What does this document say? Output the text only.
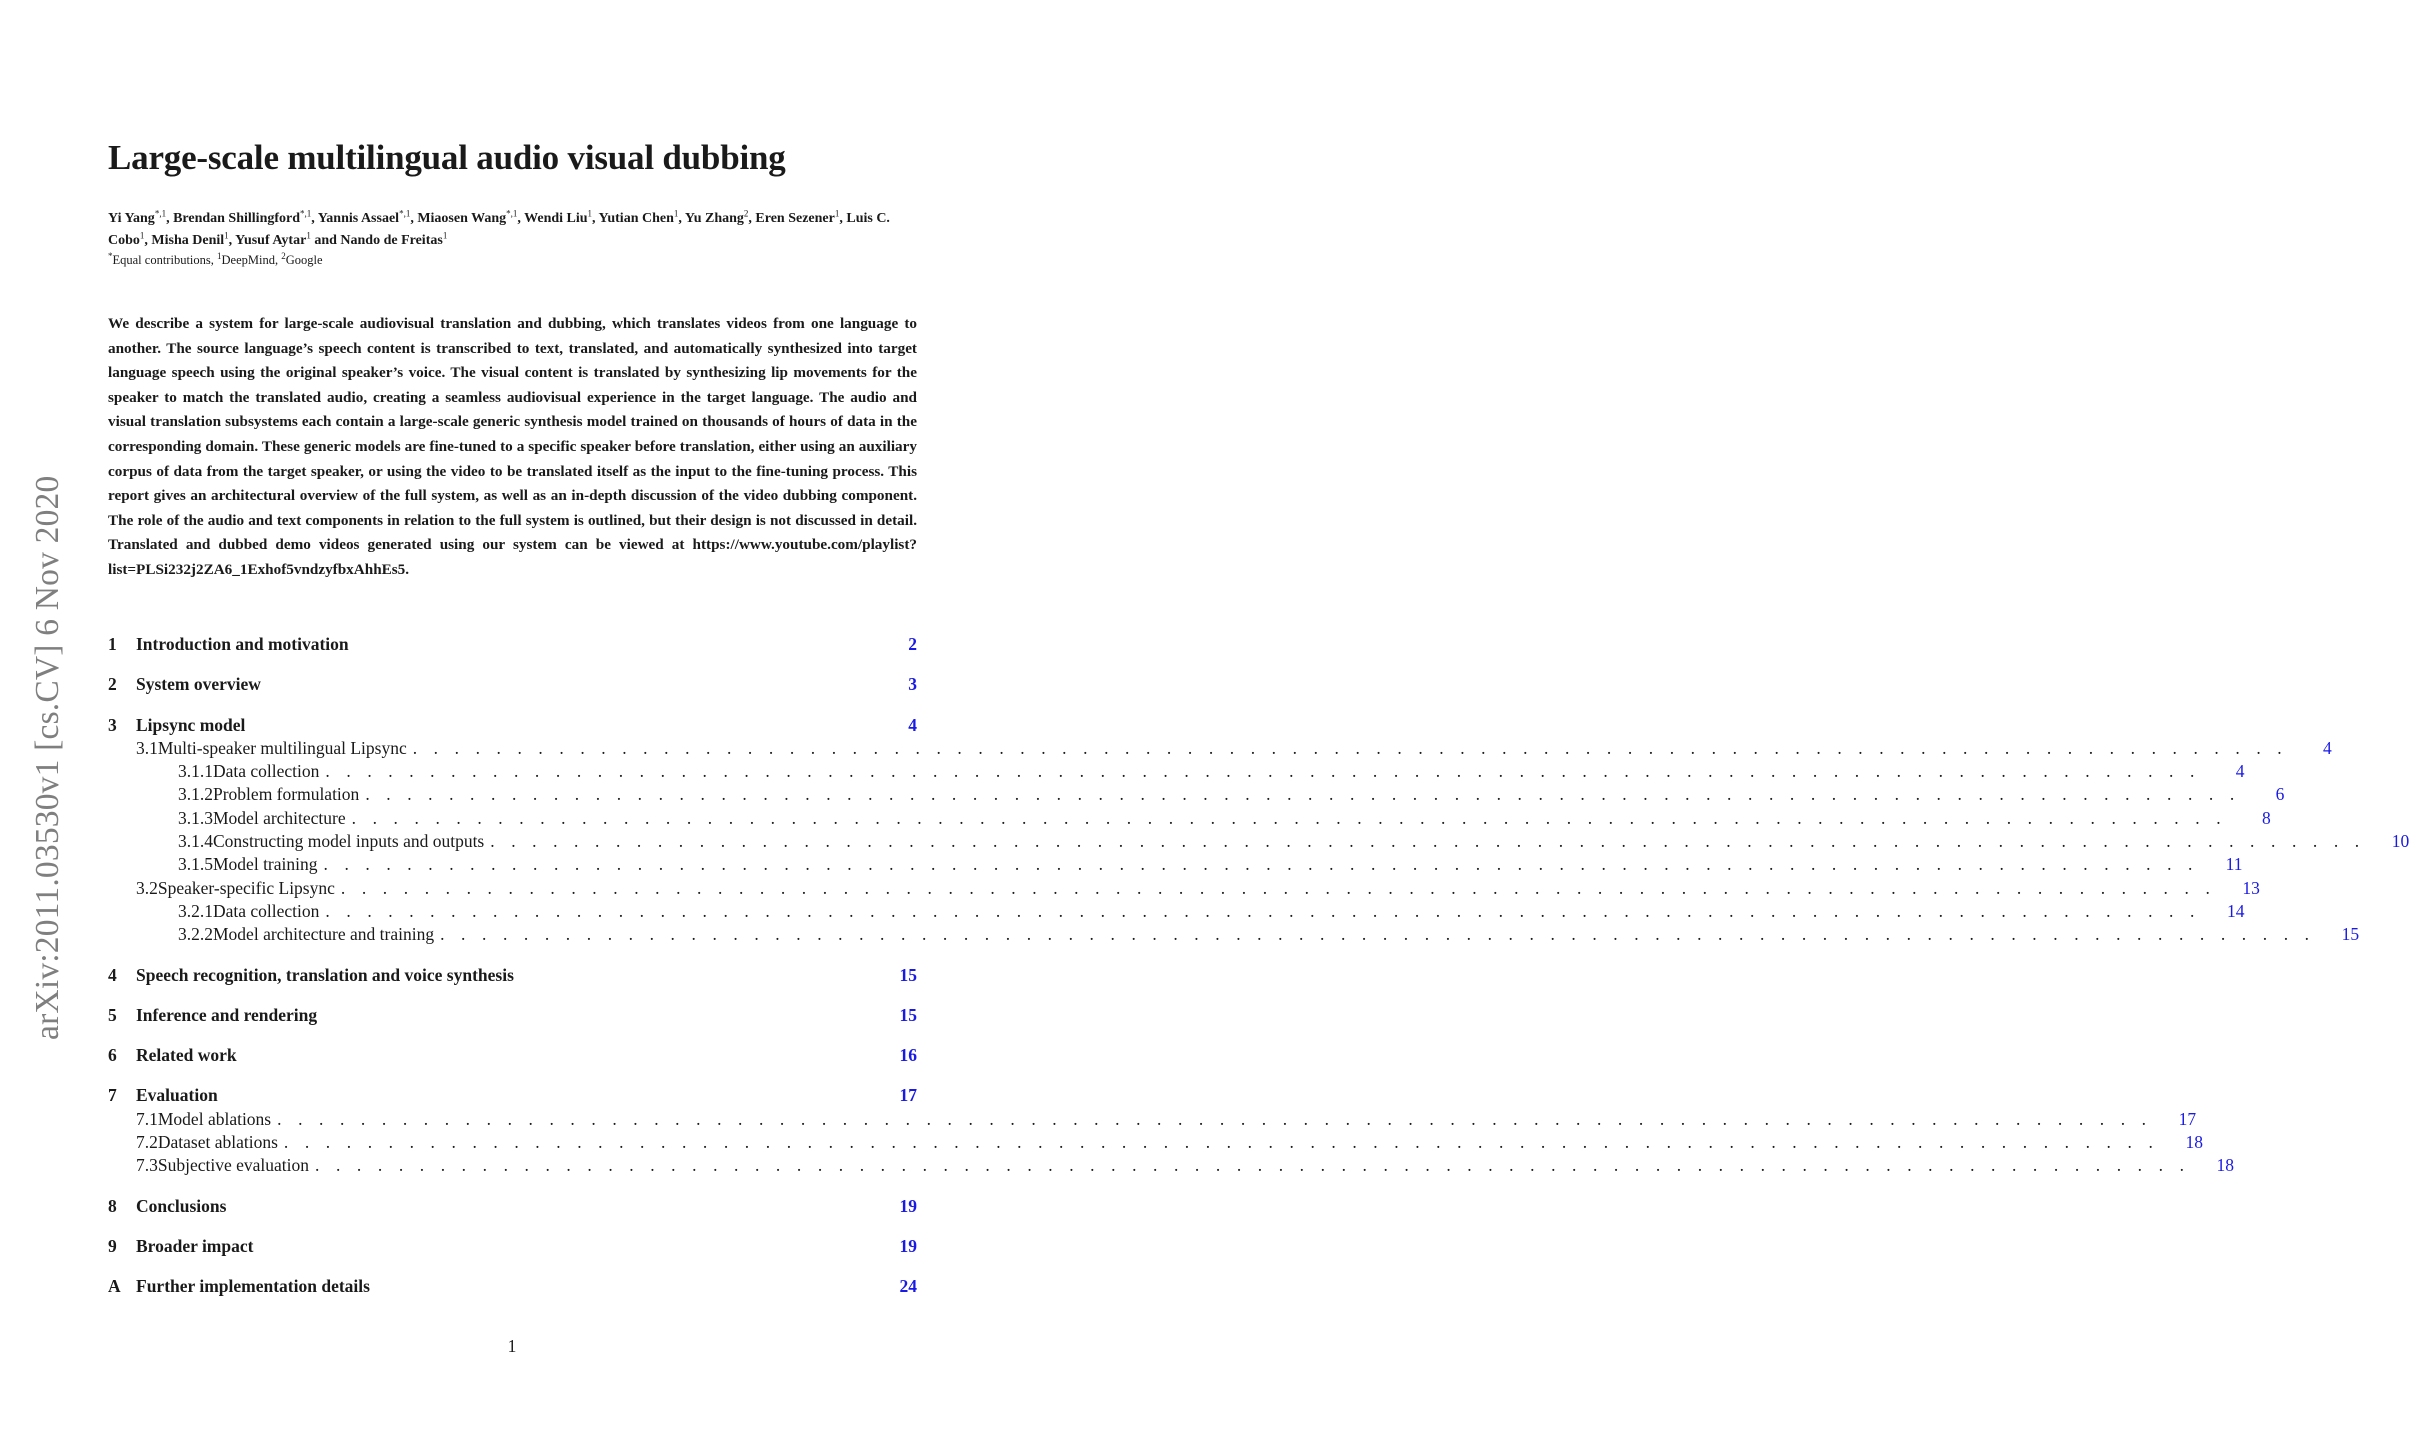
arXiv:2011.03530v1 [cs.CV] 6 Nov 2020
Large-scale multilingual audio visual dubbing
Yi Yang$^{*,1}$, Brendan Shillingford$^{*,1}$, Yannis Assael$^{*,1}$, Miaosen Wang$^{*,1}$, Wendi Liu$^1$, Yutian Chen$^1$, Yu Zhang$^2$, Eren Sezener$^1$, Luis C. Cobo$^1$, Misha Denil$^1$, Yusuf Aytar$^1$ and Nando de Freitas$^1$
*Equal contributions, $^1$DeepMind, $^2$Google

We describe a system for large-scale audiovisual translation and dubbing, which translates videos from one language to another. The source language’s speech content is transcribed to text, translated, and automatically synthesized into target language speech using the original speaker’s voice. The visual content is translated by synthesizing lip movements for the speaker to match the translated audio, creating a seamless audiovisual experience in the target language. The audio and visual translation subsystems each contain a large-scale generic synthesis model trained on thousands of hours of data in the corresponding domain. These generic models are fine-tuned to a specific speaker before translation, either using an auxiliary corpus of data from the target speaker, or using the video to be translated itself as the input to the fine-tuning process. This report gives an architectural overview of the full system, as well as an in-depth discussion of the video dubbing component. The role of the audio and text components in relation to the full system is outlined, but their design is not discussed in detail. Translated and dubbed demo videos generated using our system can be viewed at https://www.youtube.com/playlist?list=PLSi232j2ZA6_1Exhof5vndzyfbxAhhEs5.

1	Introduction and motivation	2
2	System overview	3
3	Lipsync model	4
3.1 Multi-speaker multilingual Lipsync . . . . . . . . . . . . . . . . . . . . . . . . . . . . . . . . . . . . . . . . . . . . . . . . . . . . . . . . . . . . . . . . . . . . . . . . . . . . . . . . . . . . . . . . . .	4
3.1.1 Data collection . . . . . . . . . . . . . . . . . . . . . . . . . . . . . . . . . . . . . . . . . . . . . . . . . . . . . . . . . . . . . . . . . . . . . . . . . . . . . . . . . . . . . . . . . .	4
3.1.2 Problem formulation . . . . . . . . . . . . . . . . . . . . . . . . . . . . . . . . . . . . . . . . . . . . . . . . . . . . . . . . . . . . . . . . . . . . . . . . . . . . . . . . . . . . . . . . . .	6
3.1.3 Model architecture . . . . . . . . . . . . . . . . . . . . . . . . . . . . . . . . . . . . . . . . . . . . . . . . . . . . . . . . . . . . . . . . . . . . . . . . . . . . . . . . . . . . . . . . . .	8
3.1.4 Constructing model inputs and outputs . . . . . . . . . . . . . . . . . . . . . . . . . . . . . . . . . . . . . . . . . . . . . . . . . . . . . . . . . . . . . . . . . . . . . . . . . . . . . . . . . . . . . . . . . .	10
3.1.5 Model training . . . . . . . . . . . . . . . . . . . . . . . . . . . . . . . . . . . . . . . . . . . . . . . . . . . . . . . . . . . . . . . . . . . . . . . . . . . . . . . . . . . . . . . . . .	11
3.2 Speaker-specific Lipsync . . . . . . . . . . . . . . . . . . . . . . . . . . . . . . . . . . . . . . . . . . . . . . . . . . . . . . . . . . . . . . . . . . . . . . . . . . . . . . . . . . . . . . . . . .	13
3.2.1 Data collection . . . . . . . . . . . . . . . . . . . . . . . . . . . . . . . . . . . . . . . . . . . . . . . . . . . . . . . . . . . . . . . . . . . . . . . . . . . . . . . . . . . . . . . . . .	14
3.2.2 Model architecture and training . . . . . . . . . . . . . . . . . . . . . . . . . . . . . . . . . . . . . . . . . . . . . . . . . . . . . . . . . . . . . . . . . . . . . . . . . . . . . . . . . . . . . . . . . .	15
4	Speech recognition, translation and voice synthesis	15
5	Inference and rendering	15
6	Related work	16
7	Evaluation	17
7.1 Model ablations . . . . . . . . . . . . . . . . . . . . . . . . . . . . . . . . . . . . . . . . . . . . . . . . . . . . . . . . . . . . . . . . . . . . . . . . . . . . . . . . . . . . . . . . . .	17
7.2 Dataset ablations . . . . . . . . . . . . . . . . . . . . . . . . . . . . . . . . . . . . . . . . . . . . . . . . . . . . . . . . . . . . . . . . . . . . . . . . . . . . . . . . . . . . . . . . . .	18
7.3 Subjective evaluation . . . . . . . . . . . . . . . . . . . . . . . . . . . . . . . . . . . . . . . . . . . . . . . . . . . . . . . . . . . . . . . . . . . . . . . . . . . . . . . . . . . . . . . . . .	18
8	Conclusions	19
9	Broader impact	19
A Further implementation details	24
1
